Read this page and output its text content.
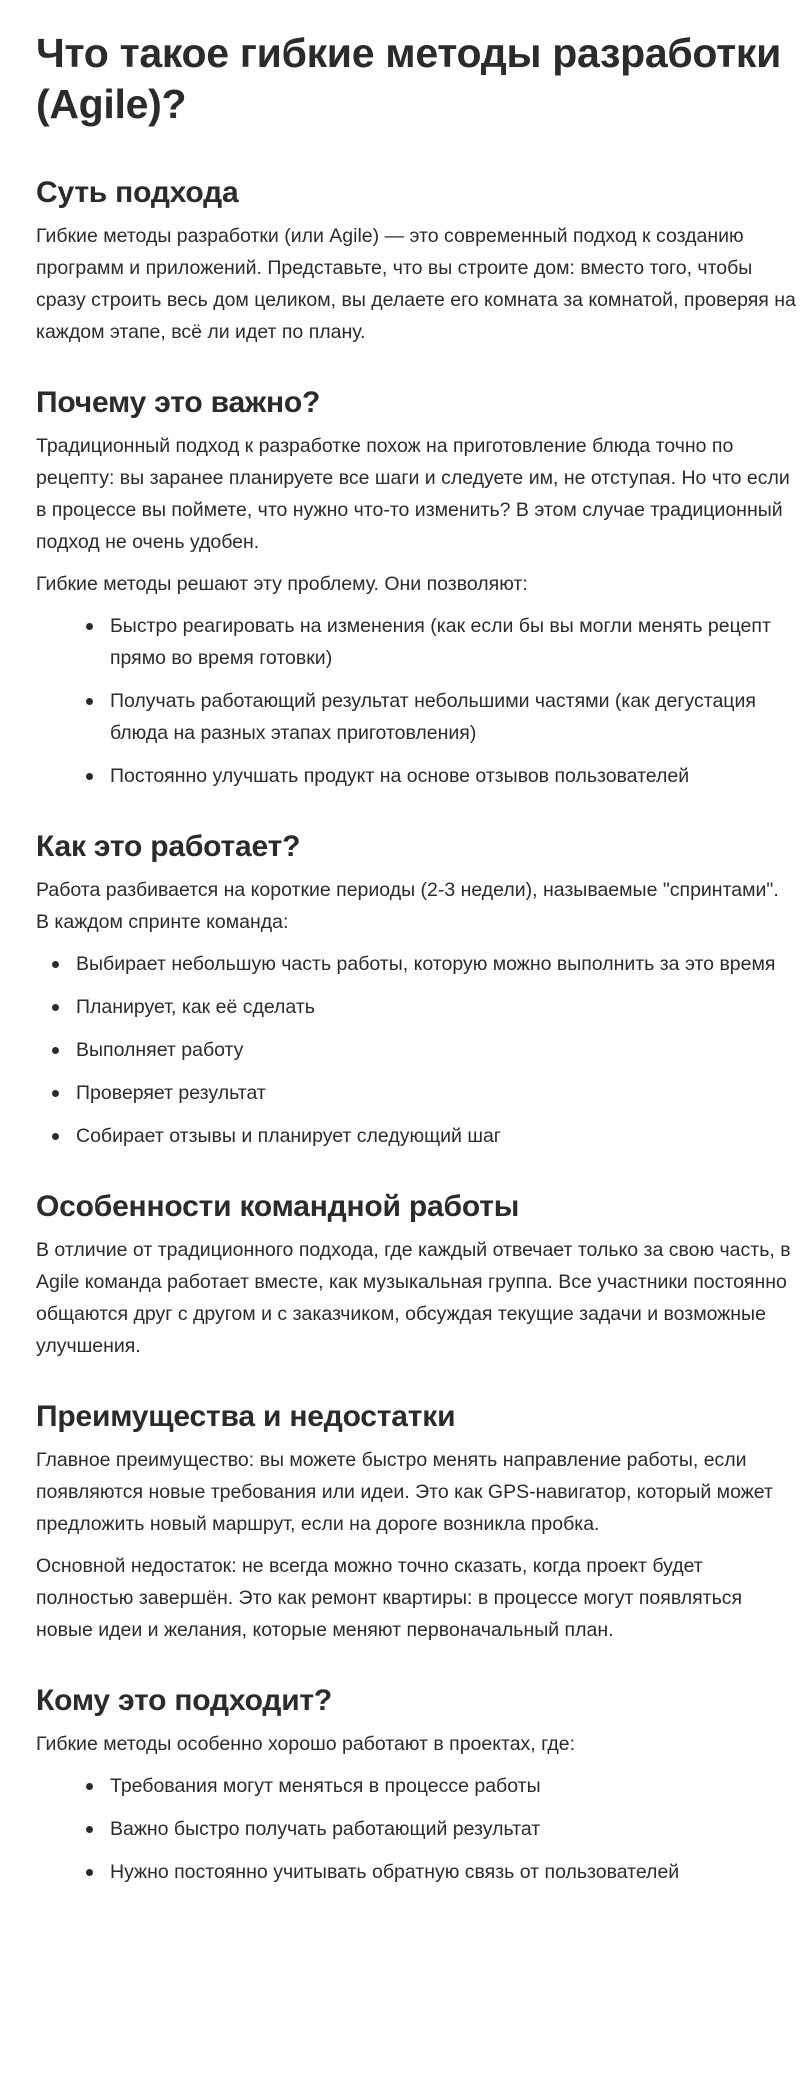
Что такое гибкие методы разработки (Agile)?
Суть подхода

Гибкие методы разработки (или Agile) — это современный подход к созданию программ и приложений. Представьте, что вы строите дом: вместо того, чтобы сразу строить весь дом целиком, вы делаете его комната за комнатой, проверяя на каждом этапе, всё ли идет по плану.

Почему это важно?

Традиционный подход к разработке похож на приготовление блюда точно по рецепту: вы заранее планируете все шаги и следуете им, не отступая. Но что если в процессе вы поймете, что нужно что-то изменить? В этом случае традиционный подход не очень удобен.

Гибкие методы решают эту проблему. Они позволяют:

Быстро реагировать на изменения (как если бы вы могли менять рецепт прямо во время готовки)
Получать работающий результат небольшими частями (как дегустация блюда на разных этапах приготовления)
Постоянно улучшать продукт на основе отзывов пользователей
Как это работает?

Работа разбивается на короткие периоды (2-3 недели), называемые "спринтами". В каждом спринте команда:

Выбирает небольшую часть работы, которую можно выполнить за это время
Планирует, как её сделать
Выполняет работу
Проверяет результат
Собирает отзывы и планирует следующий шаг
Особенности командной работы

В отличие от традиционного подхода, где каждый отвечает только за свою часть, в Agile команда работает вместе, как музыкальная группа. Все участники постоянно общаются друг с другом и с заказчиком, обсуждая текущие задачи и возможные улучшения.

Преимущества и недостатки

Главное преимущество: вы можете быстро менять направление работы, если появляются новые требования или идеи. Это как GPS-навигатор, который может предложить новый маршрут, если на дороге возникла пробка.

Основной недостаток: не всегда можно точно сказать, когда проект будет полностью завершён. Это как ремонт квартиры: в процессе могут появляться новые идеи и желания, которые меняют первоначальный план.

Кому это подходит?

Гибкие методы особенно хорошо работают в проектах, где:

Требования могут меняться в процессе работы
Важно быстро получать работающий результат
Нужно постоянно учитывать обратную связь от пользователей
